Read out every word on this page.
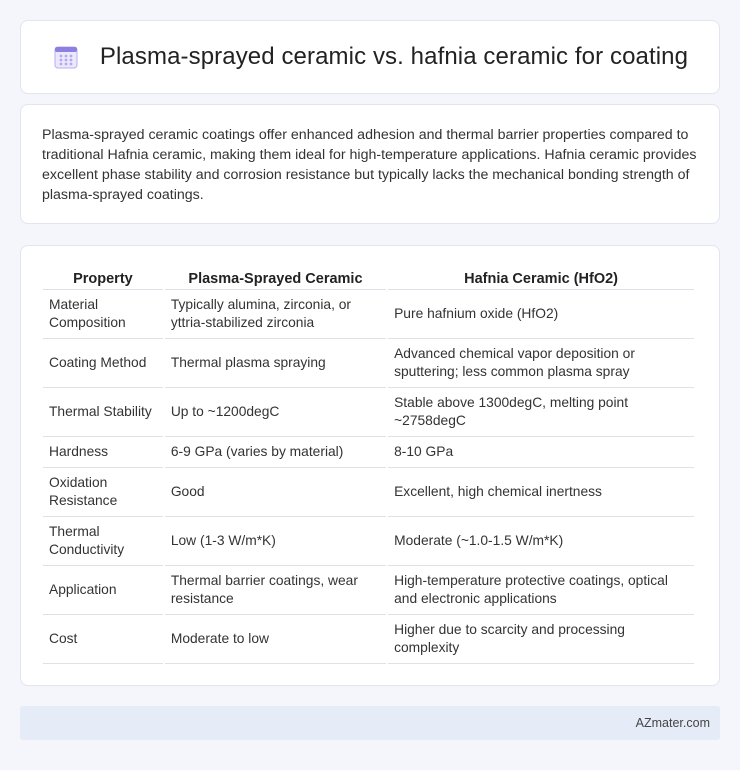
Plasma-sprayed ceramic vs. hafnia ceramic for coating

Plasma-sprayed ceramic coatings offer enhanced adhesion and thermal barrier properties compared to traditional Hafnia ceramic, making them ideal for high-temperature applications. Hafnia ceramic provides excellent phase stability and corrosion resistance but typically lacks the mechanical bonding strength of plasma-sprayed coatings.

Property	Plasma-Sprayed Ceramic	Hafnia Ceramic (HfO2)
Material Composition	Typically alumina, zirconia, or yttria-stabilized zirconia	Pure hafnium oxide (HfO2)
Coating Method	Thermal plasma spraying	Advanced chemical vapor deposition or sputtering; less common plasma spray
Thermal Stability	Up to ~1200degC	Stable above 1300degC, melting point ~2758degC
Hardness	6-9 GPa (varies by material)	8-10 GPa
Oxidation Resistance	Good	Excellent, high chemical inertness
Thermal Conductivity	Low (1-3 W/m*K)	Moderate (~1.0-1.5 W/m*K)
Application	Thermal barrier coatings, wear resistance	High-temperature protective coatings, optical and electronic applications
Cost	Moderate to low	Higher due to scarcity and processing complexity
AZmater.com
